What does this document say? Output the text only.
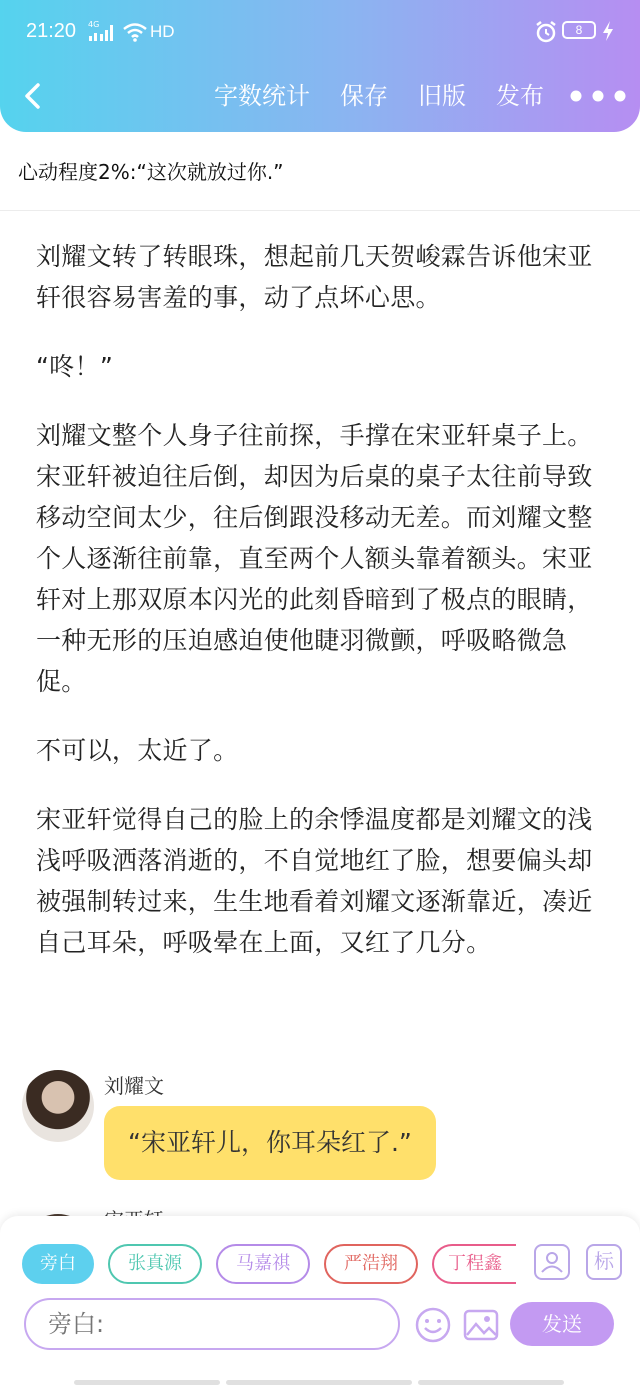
21:20 4G	HD	8
字数统计 保存 旧版 发布
心动程度2%:“这次就放过你.”

刘耀文转了转眼珠，想起前几天贺峻霖告诉他宋亚轩很容易害羞的事，动了点坏心思。

“咚！”

刘耀文整个人身子往前探，手撑在宋亚轩桌子上。宋亚轩被迫往后倒，却因为后桌的桌子太往前导致移动空间太少，往后倒跟没移动无差。而刘耀文整个人逐渐往前靠，直至两个人额头靠着额头。宋亚轩对上那双原本闪光的此刻昏暗到了极点的眼睛，一种无形的压迫感迫使他睫羽微颤，呼吸略微急促。

不可以，太近了。

宋亚轩觉得自己的脸上的余悸温度都是刘耀文的浅浅呼吸洒落消逝的，不自觉地红了脸，想要偏头却被强制转过来，生生地看着刘耀文逐渐靠近，凑近自己耳朵，呼吸晕在上面，又红了几分。

刘耀文
“宋亚轩儿，你耳朵红了.”
旁白	张真源	马嘉祺	严浩翔	丁程鑫	标
旁白:
发送
